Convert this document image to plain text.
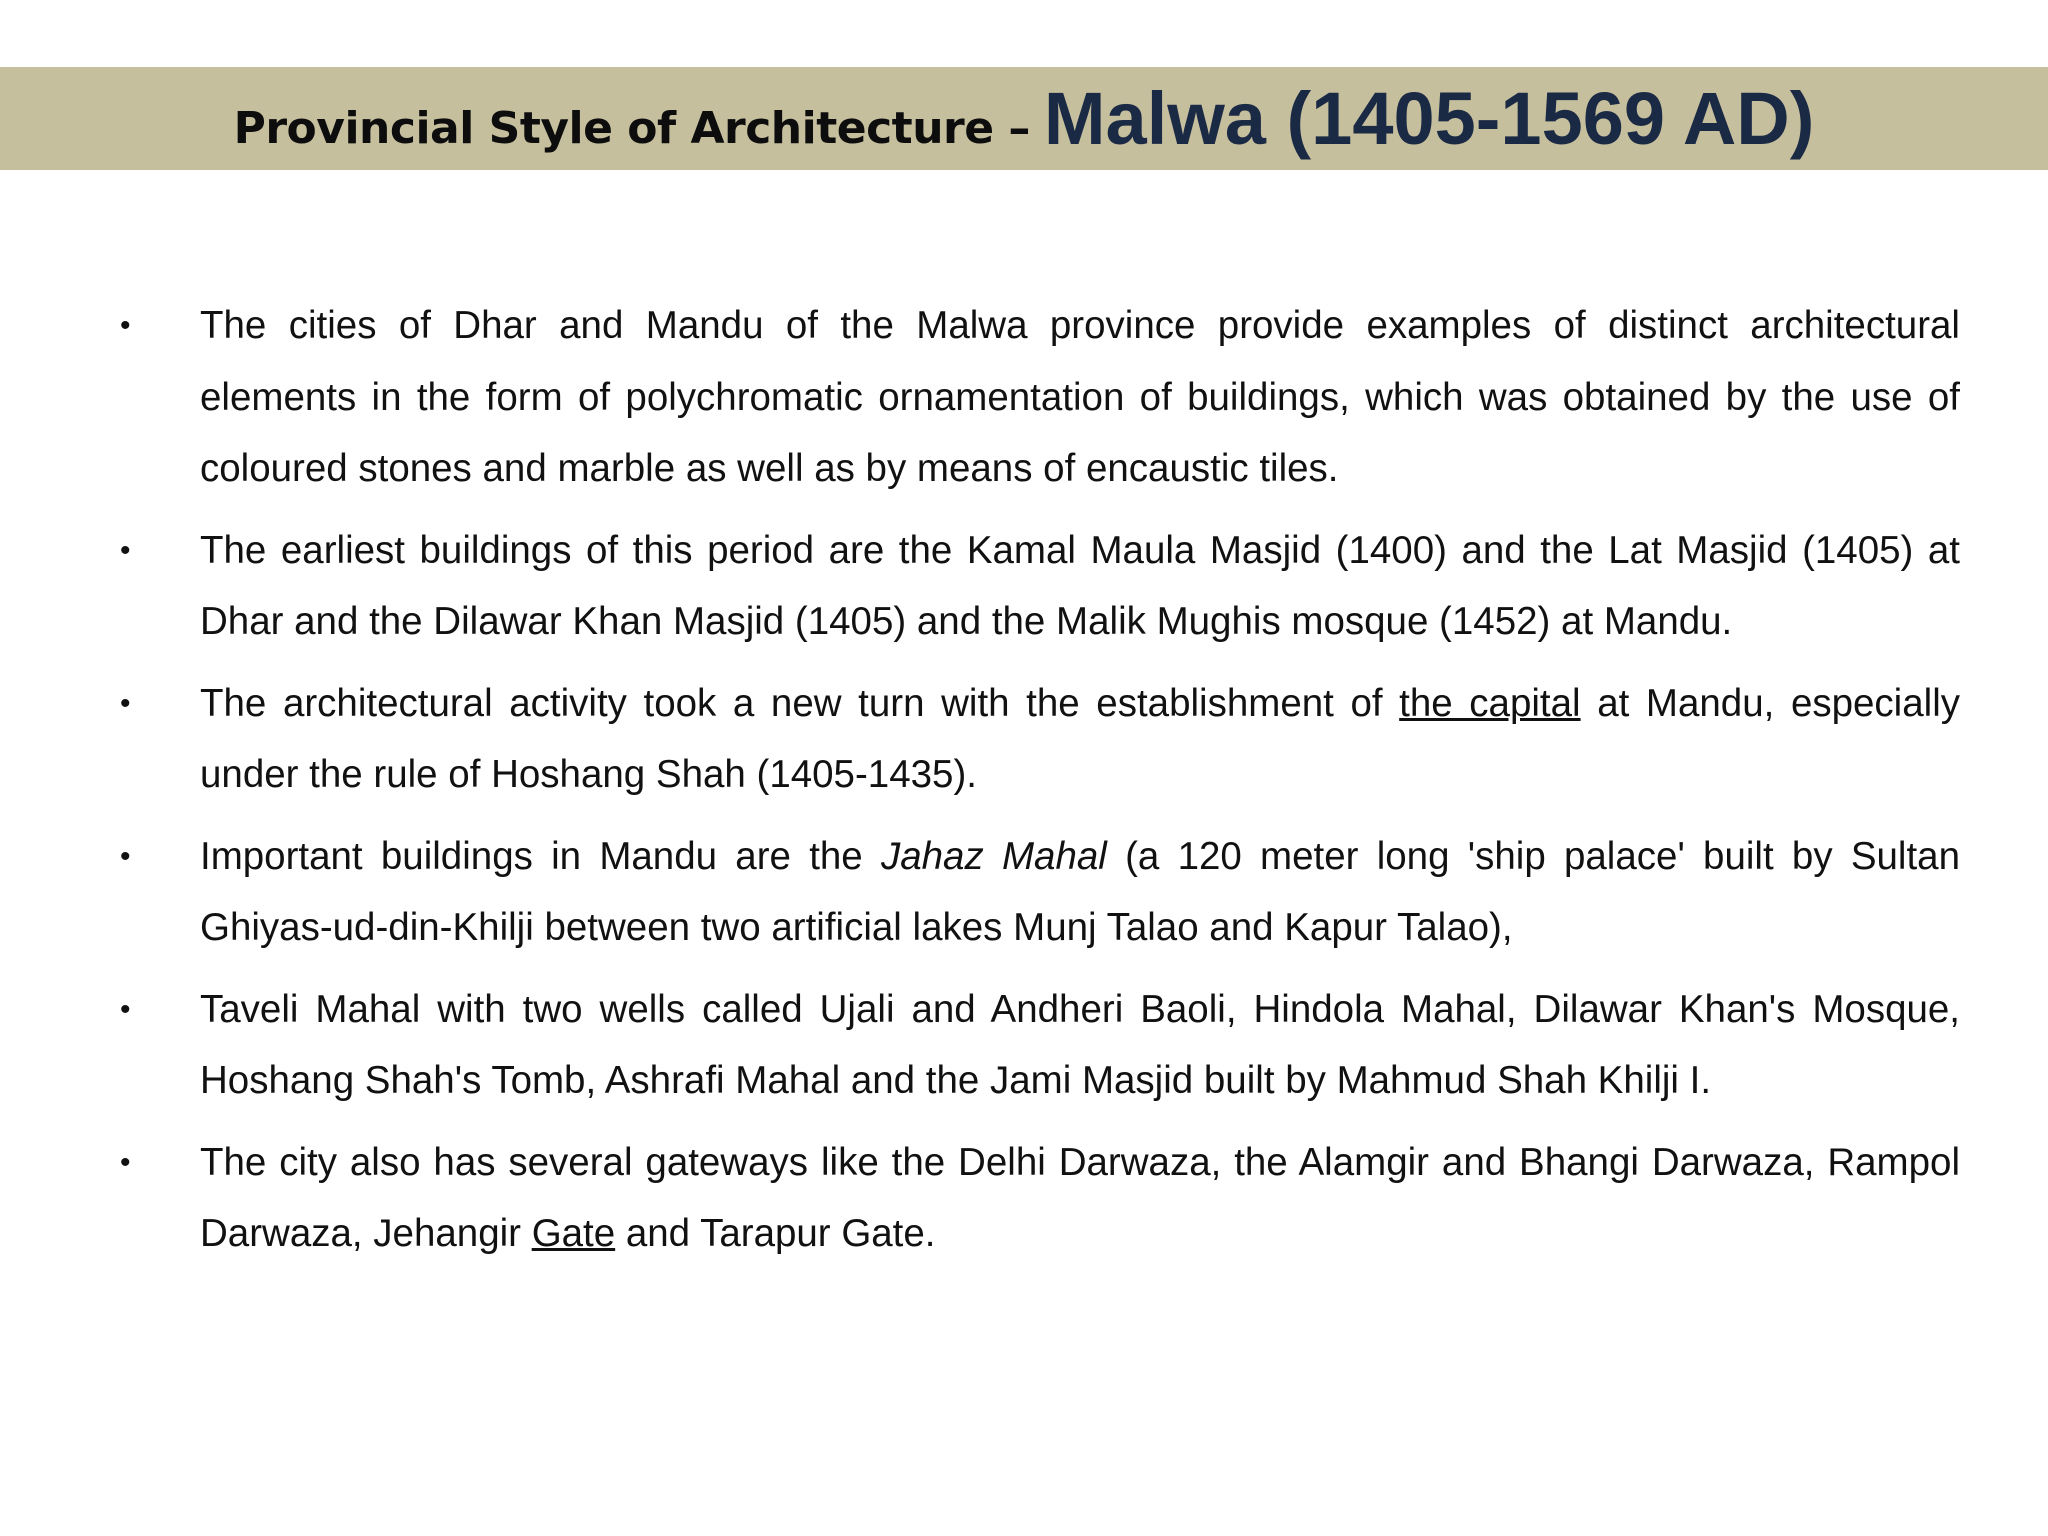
Provincial Style of Architecture – Malwa (1405-1569 AD)
• The cities of Dhar and Mandu of the Malwa province provide examples of distinct architectural elements in the form of polychromatic ornamentation of buildings, which was obtained by the use of coloured stones and marble as well as by means of encaustic tiles.
• The earliest buildings of this period are the Kamal Maula Masjid (1400) and the Lat Masjid (1405) at Dhar and the Dilawar Khan Masjid (1405) and the Malik Mughis mosque (1452) at Mandu.
• The architectural activity took a new turn with the establishment of the capital at Mandu, especially under the rule of Hoshang Shah (1405-1435).
• Important buildings in Mandu are the Jahaz Mahal (a 120 meter long 'ship palace' built by Sultan Ghiyas-ud-din-Khilji between two artificial lakes Munj Talao and Kapur Talao),
• Taveli Mahal with two wells called Ujali and Andheri Baoli, Hindola Mahal, Dilawar Khan's Mosque, Hoshang Shah's Tomb, Ashrafi Mahal and the Jami Masjid built by Mahmud Shah Khilji I.
• The city also has several gateways like the Delhi Darwaza, the Alamgir and Bhangi Darwaza, Rampol Darwaza, Jehangir Gate and Tarapur Gate.
